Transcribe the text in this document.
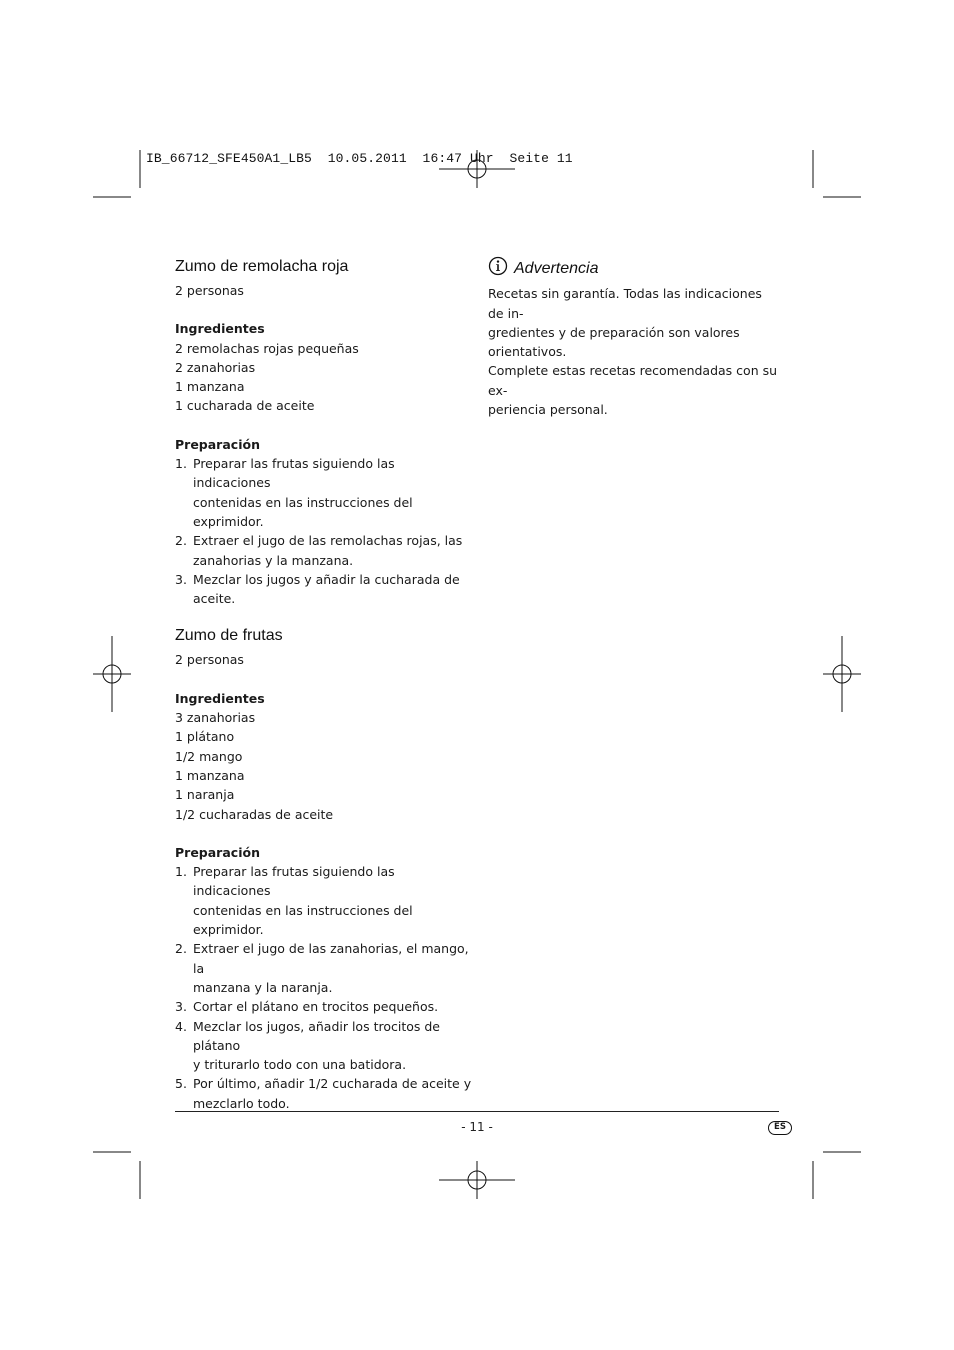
IB_66712_SFE450A1_LB5  10.05.2011  16:47 Uhr  Seite 11
Zumo de remolacha roja

2 personas

Ingredientes
2 remolachas rojas pequeñas
2 zanahorias
1 manzana
1 cucharada de aceite
Preparación
1. Preparar las frutas siguiendo las indicaciones
contenidas en las instrucciones del exprimidor.
2. Extraer el jugo de las remolachas rojas, las
zanahorias y la manzana.
3. Mezclar los jugos y añadir la cucharada de
aceite.
Zumo de frutas

2 personas

Ingredientes
3 zanahorias
1 plátano
1/2 mango
1 manzana
1 naranja
1/2 cucharadas de aceite
Preparación
1. Preparar las frutas siguiendo las indicaciones
contenidas en las instrucciones del exprimidor.
2. Extraer el jugo de las zanahorias, el mango, la
manzana y la naranja.
3. Cortar el plátano en trocitos pequeños.
4. Mezclar los jugos, añadir los trocitos de plátano
y triturarlo todo con una batidora.
5. Por último, añadir 1/2 cucharada de aceite y
mezclarlo todo.
Advertencia

Recetas sin garantía. Todas las indicaciones de in-

gredientes y de preparación son valores orientativos.

Complete estas recetas recomendadas con su ex-

periencia personal.

- 11 -	ES
